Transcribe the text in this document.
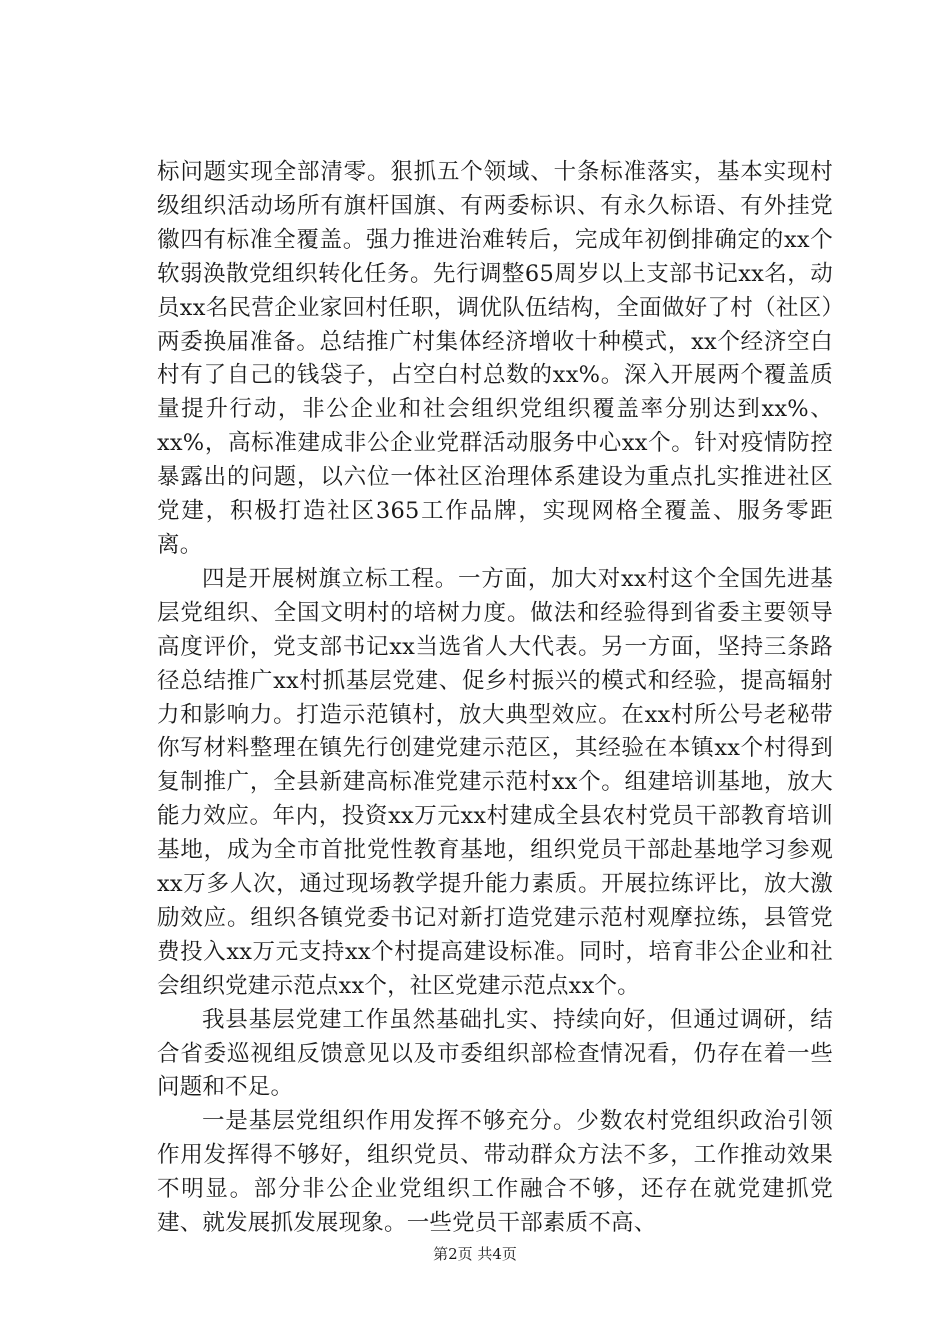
标问题实现全部清零。狠抓五个领域、十条标准落实，基本实现村级组织活动场所有旗杆国旗、有两委标识、有永久标语、有外挂党徽四有标准全覆盖。强力推进治难转后，完成年初倒排确定的xx个软弱涣散党组织转化任务。先行调整65周岁以上支部书记xx名，动员xx名民营企业家回村任职，调优队伍结构，全面做好了村（社区）两委换届准备。总结推广村集体经济增收十种模式，xx个经济空白村有了自己的钱袋子，占空白村总数的xx%。深入开展两个覆盖质量提升行动，非公企业和社会组织党组织覆盖率分别达到xx%、xx%，高标准建成非公企业党群活动服务中心xx个。针对疫情防控暴露出的问题，以六位一体社区治理体系建设为重点扎实推进社区党建，积极打造社区365工作品牌，实现网格全覆盖、服务零距离。

四是开展树旗立标工程。一方面，加大对xx村这个全国先进基层党组织、全国文明村的培树力度。做法和经验得到省委主要领导高度评价，党支部书记xx当选省人大代表。另一方面，坚持三条路径总结推广xx村抓基层党建、促乡村振兴的模式和经验，提高辐射力和影响力。打造示范镇村，放大典型效应。在xx村所公号老秘带你写材料整理在镇先行创建党建示范区，其经验在本镇xx个村得到复制推广，全县新建高标准党建示范村xx个。组建培训基地，放大能力效应。年内，投资xx万元xx村建成全县农村党员干部教育培训基地，成为全市首批党性教育基地，组织党员干部赴基地学习参观xx万多人次，通过现场教学提升能力素质。开展拉练评比，放大激励效应。组织各镇党委书记对新打造党建示范村观摩拉练，县管党费投入xx万元支持xx个村提高建设标准。同时，培育非公企业和社会组织党建示范点xx个，社区党建示范点xx个。

我县基层党建工作虽然基础扎实、持续向好，但通过调研，结合省委巡视组反馈意见以及市委组织部检查情况看，仍存在着一些问题和不足。

一是基层党组织作用发挥不够充分。少数农村党组织政治引领作用发挥得不够好，组织党员、带动群众方法不多，工作推动效果不明显。部分非公企业党组织工作融合不够，还存在就党建抓党建、就发展抓发展现象。一些党员干部素质不高、

第2页 共4页
